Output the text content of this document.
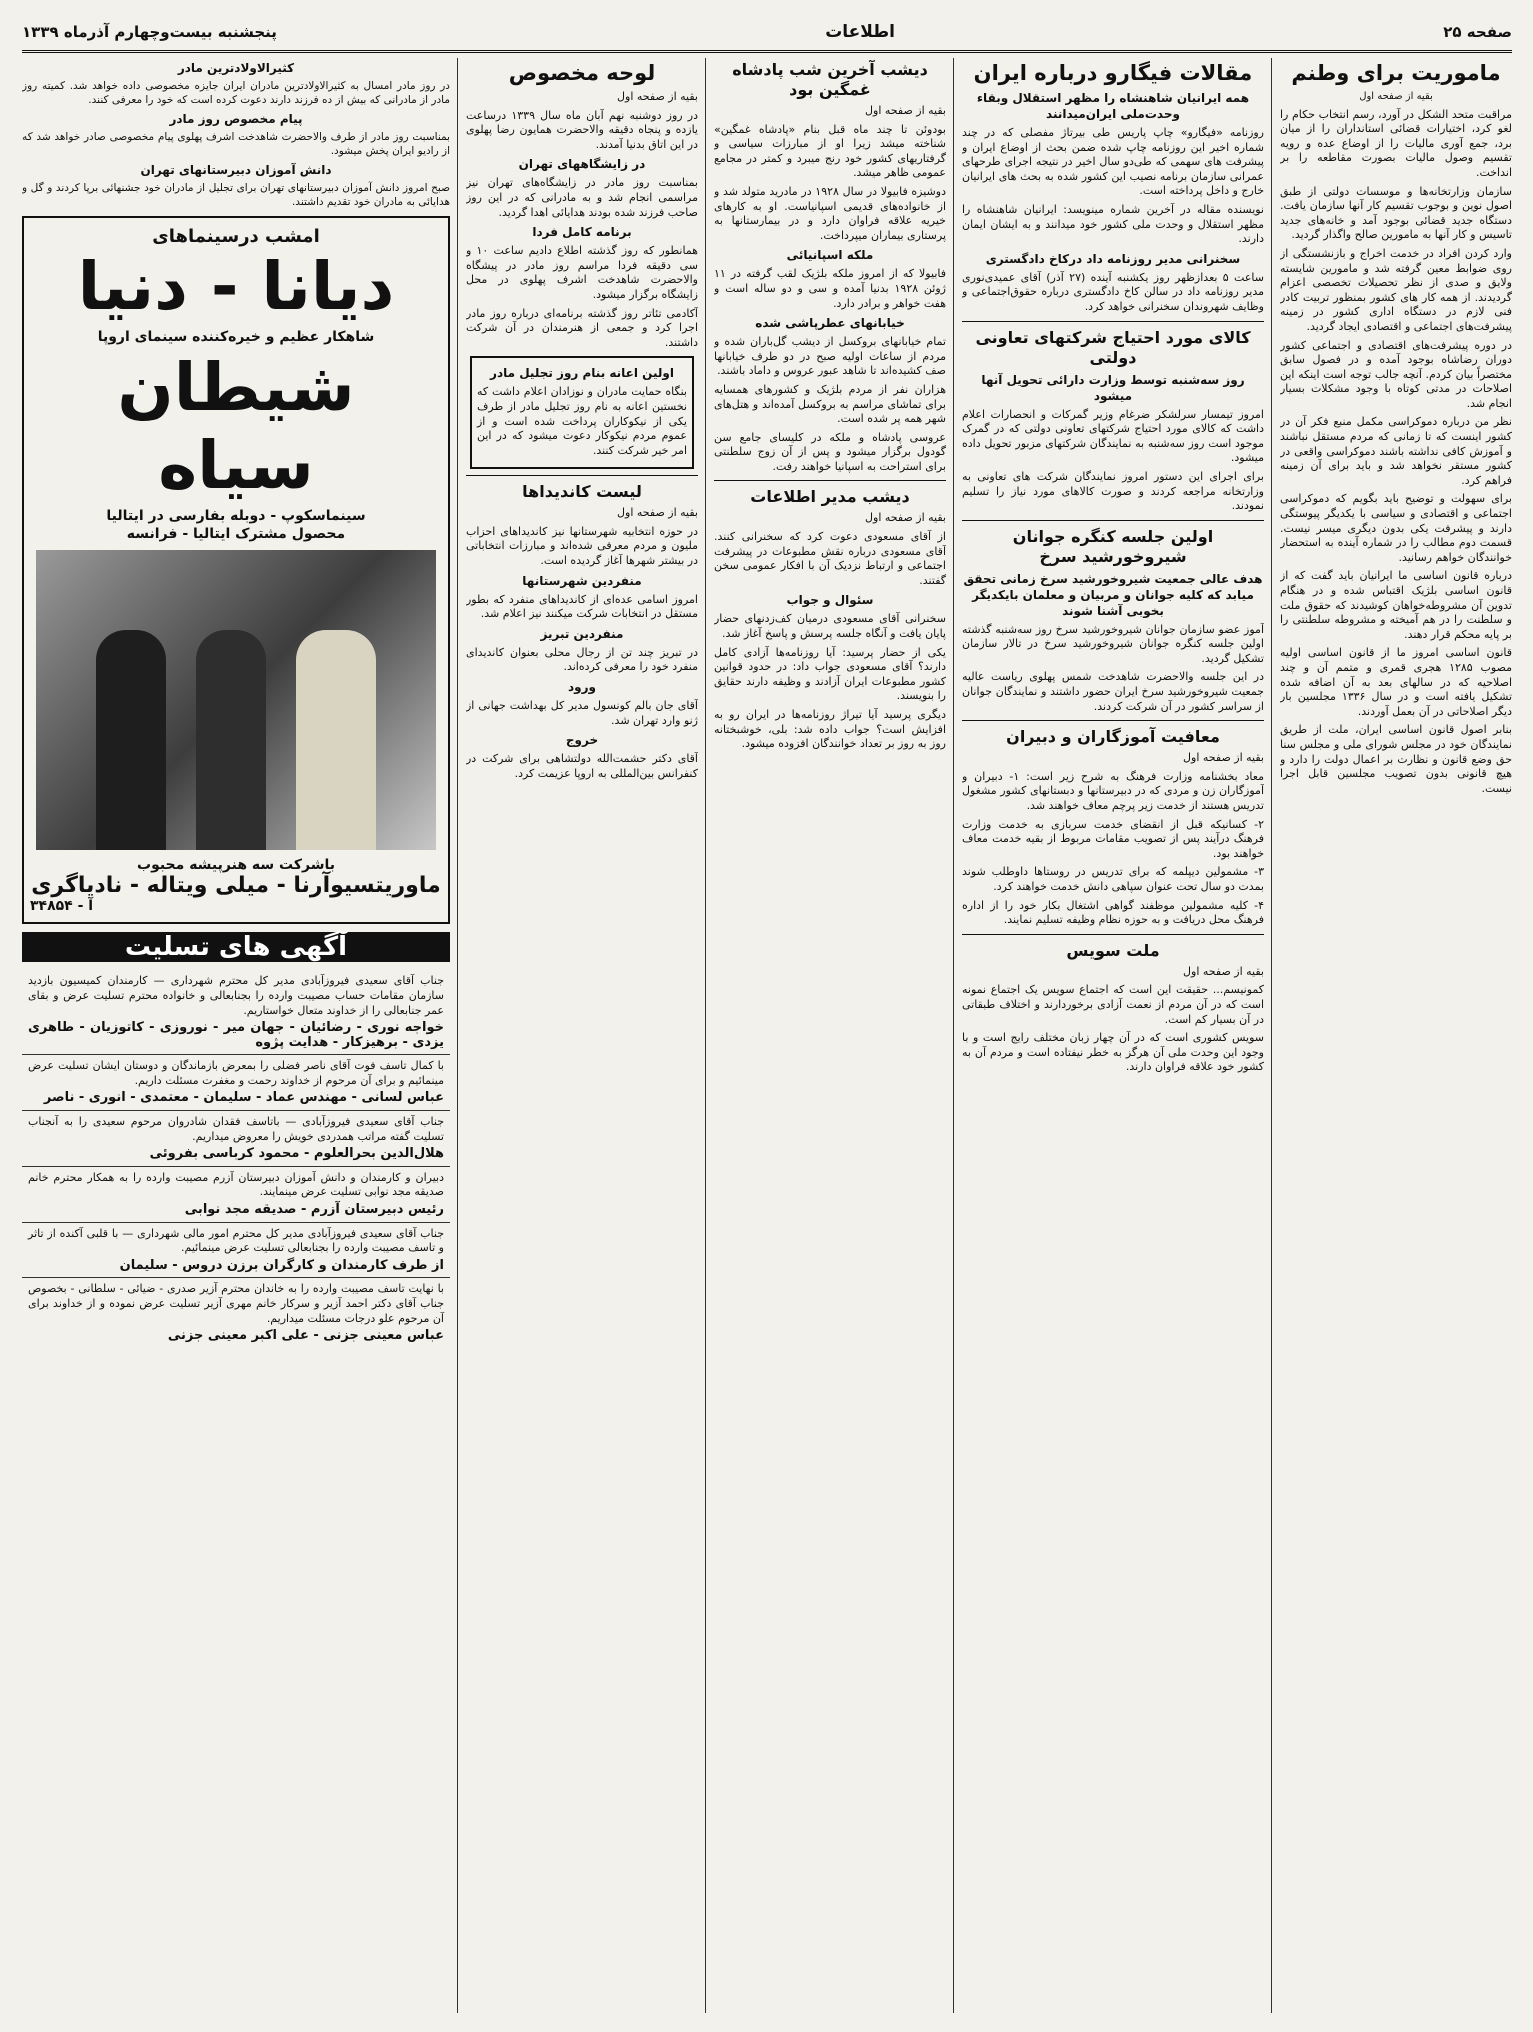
صفحه ۲۵
اطلاعات
پنجشنبه بیست‌وچهارم آذرماه ۱۳۳۹
ماموریت برای وطنم
بقیه از صفحه اول

مراقبت متحد الشکل در آورد، رسم انتخاب حکام را لغو کرد، اختیارات قضائی استانداران را از میان برد، جمع آوری مالیات را از اوضاع عده و رویه تقسیم وصول مالیات بصورت مقاطعه را بر انداخت.

سازمان وزارتخانه‌ها و موسسات دولتی از طبق اصول نوین و بوجوب تقسیم کار آنها سازمان یافت. دستگاه جدید قضائی بوجود آمد و خانه‌های جدید تاسیس و کار آنها به مامورین صالح واگذار گردید.

وارد کردن افراد در خدمت اخراج و بازنشستگی از روی ضوابط معین گرفته شد و مامورین شایسته ولایق و صدی از نظر تحصیلات تخصصی اعزام گردیدند. از همه کار های کشور بمنظور تربیت کادر فنی لازم در دستگاه اداری کشور در زمینه پیشرفت‌های اجتماعی و اقتصادی ایجاد گردید.

در دوره پیشرفت‌های اقتصادی و اجتماعی کشور دوران رضاشاه بوجود آمده و در فصول سابق مختصراً بیان کردم. آنچه جالب توجه است اینکه این اصلاحات در مدتی کوتاه با وجود مشکلات بسیار انجام شد.

نظر من درباره دموکراسی مکمل منبع فکر آن در کشور اینست که تا زمانی که مردم مستقل نباشند و آموزش کافی نداشته باشند دموکراسی واقعی در کشور مستقر نخواهد شد و باید برای آن زمینه فراهم کرد.

برای سهولت و توضیح باید بگویم که دموکراسی اجتماعی و اقتصادی و سیاسی با یکدیگر پیوستگی دارند و پیشرفت یکی بدون دیگری میسر نیست. قسمت دوم مطالب را در شماره آینده به استحضار خوانندگان خواهم رسانید.

درباره قانون اساسی ما ایرانیان باید گفت که از قانون اساسی بلژیک اقتباس شده و در هنگام تدوین آن مشروطه‌خواهان کوشیدند که حقوق ملت و سلطنت را در هم آمیخته و مشروطه سلطنتی را بر پایه محکم قرار دهند.

قانون اساسی امروز ما از قانون اساسی اولیه مصوب ۱۲۸۵ هجری قمری و متمم آن و چند اصلاحیه که در سالهای بعد به آن اضافه شده تشکیل یافته است و در سال ۱۳۳۶ مجلسین بار دیگر اصلاحاتی در آن بعمل آوردند.

بنابر اصول قانون اساسی ایران، ملت از طریق نمایندگان خود در مجلس شورای ملی و مجلس سنا حق وضع قانون و نظارت بر اعمال دولت را دارد و هیچ قانونی بدون تصویب مجلسین قابل اجرا نیست.

مقالات فیگارو درباره ایران
همه ایرانیان شاهنشاه را مظهر استقلال وبقاء وحدت‌ملی ایران‌میدانند

روزنامه «فیگارو» چاپ پاریس طی بیرتاژ مفصلی که در چند شماره اخیر این روزنامه چاپ شده ضمن بحث از اوضاع ایران و پیشرفت های سهمی که طی‌دو سال اخیر در نتیجه اجرای طرحهای عمرانی سازمان برنامه نصیب این کشور شده به بحث های ایرانیان خارج و داخل پرداخته است.

نویسنده مقاله در آخرین شماره مینویسد: ایرانیان شاهنشاه را مظهر استقلال و وحدت ملی کشور خود میدانند و به ایشان ایمان دارند.

سخنرانی مدیر روزنامه داد درکاخ دادگستری

ساعت ۵ بعدازظهر روز یکشنبه آینده (۲۷ آذر) آقای عمیدی‌نوری مدیر روزنامه داد در سالن کاخ دادگستری درباره حقوق‌اجتماعی و وظایف شهروندان سخنرانی خواهد کرد.

کالای مورد احتیاج شرکتهای تعاونی دولتی
روز سه‌شنبه توسط وزارت دارائی تحویل آنها میشود

امروز تیمسار سرلشکر ضرغام وزیر گمرکات و انحصارات اعلام داشت که کالای مورد احتیاج شرکتهای تعاونی دولتی که در گمرک موجود است روز سه‌شنبه به نمایندگان شرکتهای مزبور تحویل داده میشود.

برای اجرای این دستور امروز نمایندگان شرکت های تعاونی به وزارتخانه مراجعه کردند و صورت کالاهای مورد نیاز را تسلیم نمودند.

اولین جلسه کنگره جوانان شیروخورشید سرخ
هدف عالی جمعیت شیروخورشید سرخ زمانی تحقق میابد که کلیه جوانان و مربیان و معلمان بایکدیگر بخوبی آشنا شوند

آموز عضو سازمان جوانان شیروخورشید سرخ روز سه‌شنبه گذشته اولین جلسه کنگره جوانان شیروخورشید سرخ در تالار سازمان تشکیل گردید.

در این جلسه والاحضرت شاهدخت شمس پهلوی ریاست عالیه جمعیت شیروخورشید سرخ ایران حضور داشتند و نمایندگان جوانان از سراسر کشور در آن شرکت کردند.

معافیت آموزگاران و دبیران

بقیه از صفحه اول

معاد بخشنامه وزارت فرهنگ به شرح زیر است: ۱- دبیران و آموزگاران زن و مردی که در دبیرستانها و دبستانهای کشور مشغول تدریس هستند از خدمت زیر پرچم معاف خواهند شد.

۲- کسانیکه قبل از انقضای خدمت سربازی به خدمت وزارت فرهنگ درآیند پس از تصویب مقامات مربوط از بقیه خدمت معاف خواهند بود.

۳- مشمولین دیپلمه که برای تدریس در روستاها داوطلب شوند بمدت دو سال تحت عنوان سپاهی دانش خدمت خواهند کرد.

۴- کلیه مشمولین موظفند گواهی اشتغال بکار خود را از اداره فرهنگ محل دریافت و به حوزه نظام وظیفه تسلیم نمایند.

ملت سویس

بقیه از صفحه اول

کمونیسم... حقیقت این است که اجتماع سویس یک اجتماع نمونه است که در آن مردم از نعمت آزادی برخوردارند و اختلاف طبقاتی در آن بسیار کم است.

سویس کشوری است که در آن چهار زبان مختلف رایج است و با وجود این وحدت ملی آن هرگز به خطر نیفتاده است و مردم آن به کشور خود علاقه فراوان دارند.

دیشب آخرین شب پادشاه غمگین بود

بقیه از صفحه اول

بودوئن تا چند ماه قبل بنام «پادشاه غمگین» شناخته میشد زیرا او از مبارزات سیاسی و گرفتاریهای کشور خود رنج میبرد و کمتر در مجامع عمومی ظاهر میشد.

دوشیزه فابیولا در سال ۱۹۲۸ در مادرید متولد شد و از خانواده‌های قدیمی اسپانیاست. او به کارهای خیریه علاقه فراوان دارد و در بیمارستانها به پرستاری بیماران میپرداخت.

ملکه اسپانیائی

فابیولا که از امروز ملکه بلژیک لقب گرفته در ۱۱ ژوئن ۱۹۲۸ بدنیا آمده و سی و دو ساله است و هفت خواهر و برادر دارد.

خیابانهای عطرپاشی شده

تمام خیابانهای بروکسل از دیشب گل‌باران شده و مردم از ساعات اولیه صبح در دو طرف خیابانها صف کشیده‌اند تا شاهد عبور عروس و داماد باشند.

هزاران نفر از مردم بلژیک و کشورهای همسایه برای تماشای مراسم به بروکسل آمده‌اند و هتل‌های شهر همه پر شده است.

عروسی پادشاه و ملکه در کلیسای جامع سن گودول برگزار میشود و پس از آن زوج سلطنتی برای استراحت به اسپانیا خواهند رفت.

دیشب مدیر اطلاعات

بقیه از صفحه اول

از آقای مسعودی دعوت کرد که سخنرانی کنند. آقای مسعودی درباره نقش مطبوعات در پیشرفت اجتماعی و ارتباط نزدیک آن با افکار عمومی سخن گفتند.

سئوال و جواب

سخنرانی آقای مسعودی درمیان کف‌زدنهای حضار پایان یافت و آنگاه جلسه پرسش و پاسخ آغاز شد.

یکی از حضار پرسید: آیا روزنامه‌ها آزادی کامل دارند؟ آقای مسعودی جواب داد: در حدود قوانین کشور مطبوعات ایران آزادند و وظیفه دارند حقایق را بنویسند.

دیگری پرسید آیا تیراژ روزنامه‌ها در ایران رو به افزایش است؟ جواب داده شد: بلی، خوشبختانه روز به روز بر تعداد خوانندگان افزوده میشود.

لوحه مخصوص

بقیه از صفحه اول

در روز دوشنبه نهم آبان ماه سال ۱۳۳۹ درساعت یازده و پنجاه دقیقه والاحضرت همایون رضا پهلوی در این اتاق بدنیا آمدند.

در زایشگاههای تهران

بمناسبت روز مادر در زایشگاه‌های تهران نیز مراسمی انجام شد و به مادرانی که در این روز صاحب فرزند شده بودند هدایائی اهدا گردید.

برنامه کامل فردا

همانطور که روز گذشته اطلاع دادیم ساعت ۱۰ و سی دقیقه فردا مراسم روز مادر در پیشگاه والاحضرت شاهدخت اشرف پهلوی در محل زایشگاه برگزار میشود.

آکادمی تئاتر روز گذشته برنامه‌ای درباره روز مادر اجرا کرد و جمعی از هنرمندان در آن شرکت داشتند.

اولین اعانه بنام روز تجلیل مادر

بنگاه حمایت مادران و نوزادان اعلام داشت که نخستین اعانه به نام روز تجلیل مادر از طرف یکی از نیکوکاران پرداخت شده است و از عموم مردم نیکوکار دعوت میشود که در این امر خیر شرکت کنند.

لیست کاندیداها

بقیه از صفحه اول

در حوزه انتخابیه شهرستانها نیز کاندیداهای احزاب ملیون و مردم معرفی شده‌اند و مبارزات انتخاباتی در بیشتر شهرها آغاز گردیده است.

منفردین شهرستانها

امروز اسامی عده‌ای از کاندیداهای منفرد که بطور مستقل در انتخابات شرکت میکنند نیز اعلام شد.

منفردین تبریز

در تبریز چند تن از رجال محلی بعنوان کاندیدای منفرد خود را معرفی کرده‌اند.

ورود

آقای جان بالم کونسول مدیر کل بهداشت جهانی از ژنو وارد تهران شد.

خروج

آقای دکتر حشمت‌الله دولتشاهی برای شرکت در کنفرانس بین‌المللی به اروپا عزیمت کرد.

کثیرالاولادترین مادر

در روز مادر امسال به کثیرالاولادترین مادران ایران جایزه مخصوصی داده خواهد شد. کمیته روز مادر از مادرانی که بیش از ده فرزند دارند دعوت کرده است که خود را معرفی کنند.

پیام مخصوص روز مادر

بمناسبت روز مادر از طرف والاحضرت شاهدخت اشرف پهلوی پیام مخصوصی صادر خواهد شد که از رادیو ایران پخش میشود.

دانش آموزان دبیرستانهای تهران

صبح امروز دانش آموزان دبیرستانهای تهران برای تجلیل از مادران خود جشنهائی برپا کردند و گل و هدایائی به مادران خود تقدیم داشتند.

امشب درسینماهای
دیانا - دنیا
شاهکار عظیم و خیره‌کننده سینمای اروپا
شیطان سیاه
سینماسکوپ - دوبله بفارسی در ایتالیا
محصول مشترک ایتالیا - فرانسه
باشرکت سه هنرپیشه محبوب
ماوریتسیوآرنا - میلی ویتاله - نادیاگری
آ - ۳۴۸۵۴
آگهی های تسلیت
جناب آقای سعیدی فیروزآبادی مدیر کل محترم شهرداری — کارمندان کمیسیون بازدید سازمان مقامات حساب مصیبت وارده را بجنابعالی و خانواده محترم تسلیت عرض و بقای عمر جنابعالی را از خداوند متعال خواستاریم.
خواجه نوری - رضائیان - جهان میر - نوروزی - کاتوزیان - طاهری یزدی - برهیزکار - هدایت پژوه
با کمال تاسف فوت آقای ناصر فضلی را بمعرض بازماندگان و دوستان ایشان تسلیت عرض مینمائیم و برای آن مرحوم از خداوند رحمت و مغفرت مسئلت داریم.
عباس لسانی - مهندس عماد - سلیمان - معتمدی - انوری - ناصر
جناب آقای سعیدی فیروزآبادی — باتاسف فقدان شادروان مرحوم سعیدی را به آنجناب تسلیت گفته مراتب همدردی خویش را معروض میداریم.
هلال‌الدین بحرالعلوم - محمود کرباسی بفروئی
دبیران و کارمندان و دانش آموزان دبیرستان آزرم مصیبت وارده را به همکار محترم خانم صدیقه مجد نوابی تسلیت عرض مینمایند.
رئیس دبیرستان آزرم - صدیقه مجد نوابی
جناب آقای سعیدی فیروزآبادی مدیر کل محترم امور مالی شهرداری — با قلبی آکنده از تاثر و تاسف مصیبت وارده را بجنابعالی تسلیت عرض مینمائیم.
از طرف کارمندان و کارگران برزن دروس - سلیمان
با نهایت تاسف مصیبت وارده را به خاندان محترم آزیر صدری - ضیائی - سلطانی - بخصوص جناب آقای دکتر احمد آزیر و سرکار خانم مهری آزیر تسلیت عرض نموده و از خداوند برای آن مرحوم علو درجات مسئلت میداریم.
عباس معینی جزنی - علی اکبر معینی جزنی
